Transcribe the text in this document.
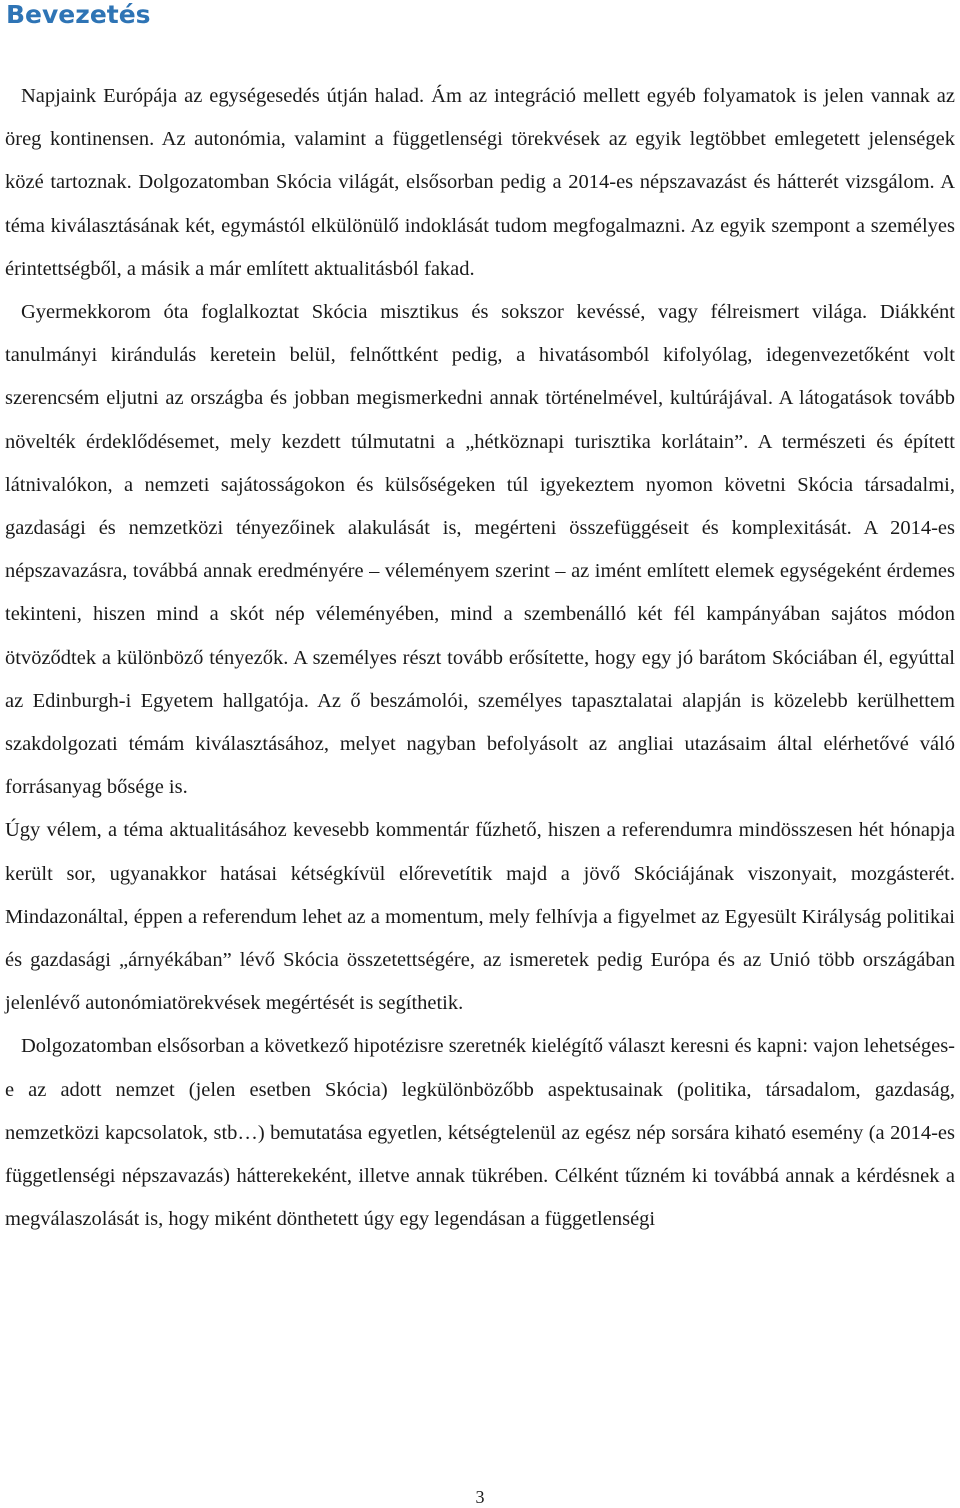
Bevezetés

Napjaink Európája az egységesedés útján halad. Ám az integráció mellett egyéb folyamatok is jelen vannak az öreg kontinensen. Az autonómia, valamint a függetlenségi törekvések az egyik legtöbbet emlegetett jelenségek közé tartoznak. Dolgozatomban Skócia világát, elsősorban pedig a 2014-es népszavazást és hátterét vizsgálom. A téma kiválasztásának két, egymástól elkülönülő indoklását tudom megfogalmazni. Az egyik szempont a személyes érintettségből, a másik a már említett aktualitásból fakad.

Gyermekkorom óta foglalkoztat Skócia misztikus és sokszor kevéssé, vagy félreismert világa. Diákként tanulmányi kirándulás keretein belül, felnőttként pedig, a hivatásomból kifolyólag, idegenvezetőként volt szerencsém eljutni az országba és jobban megismerkedni annak történelmével, kultúrájával. A látogatások tovább növelték érdeklődésemet, mely kezdett túlmutatni a „hétköznapi turisztika korlátain”. A természeti és épített látnivalókon, a nemzeti sajátosságokon és külsőségeken túl igyekeztem nyomon követni Skócia társadalmi, gazdasági és nemzetközi tényezőinek alakulását is, megérteni összefüggéseit és komplexitását. A 2014-es népszavazásra, továbbá annak eredményére – véleményem szerint – az imént említett elemek egységeként érdemes tekinteni, hiszen mind a skót nép véleményében, mind a szembenálló két fél kampányában sajátos módon ötvöződtek a különböző tényezők. A személyes részt tovább erősítette, hogy egy jó barátom Skóciában él, egyúttal az Edinburgh-i Egyetem hallgatója. Az ő beszámolói, személyes tapasztalatai alapján is közelebb kerülhettem szakdolgozati témám kiválasztásához, melyet nagyban befolyásolt az angliai utazásaim által elérhetővé váló forrásanyag bősége is.

Úgy vélem, a téma aktualitásához kevesebb kommentár fűzhető, hiszen a referendumra mindösszesen hét hónapja került sor, ugyanakkor hatásai kétségkívül előrevetítik majd a jövő Skóciájának viszonyait, mozgásterét. Mindazonáltal, éppen a referendum lehet az a momentum, mely felhívja a figyelmet az Egyesült Királyság politikai és gazdasági „árnyékában” lévő Skócia összetettségére, az ismeretek pedig Európa és az Unió több országában jelenlévő autonómiatörekvések megértését is segíthetik.

Dolgozatomban elsősorban a következő hipotézisre szeretnék kielégítő választ keresni és kapni: vajon lehetséges-e az adott nemzet (jelen esetben Skócia) legkülönbözőbb aspektusainak (politika, társadalom, gazdaság, nemzetközi kapcsolatok, stb…) bemutatása egyetlen, kétségtelenül az egész nép sorsára kiható esemény (a 2014-es függetlenségi népszavazás) hátterekeként, illetve annak tükrében. Célként tűzném ki továbbá annak a kérdésnek a megválaszolását is, hogy miként dönthetett úgy egy legendásan a függetlenségi

3
